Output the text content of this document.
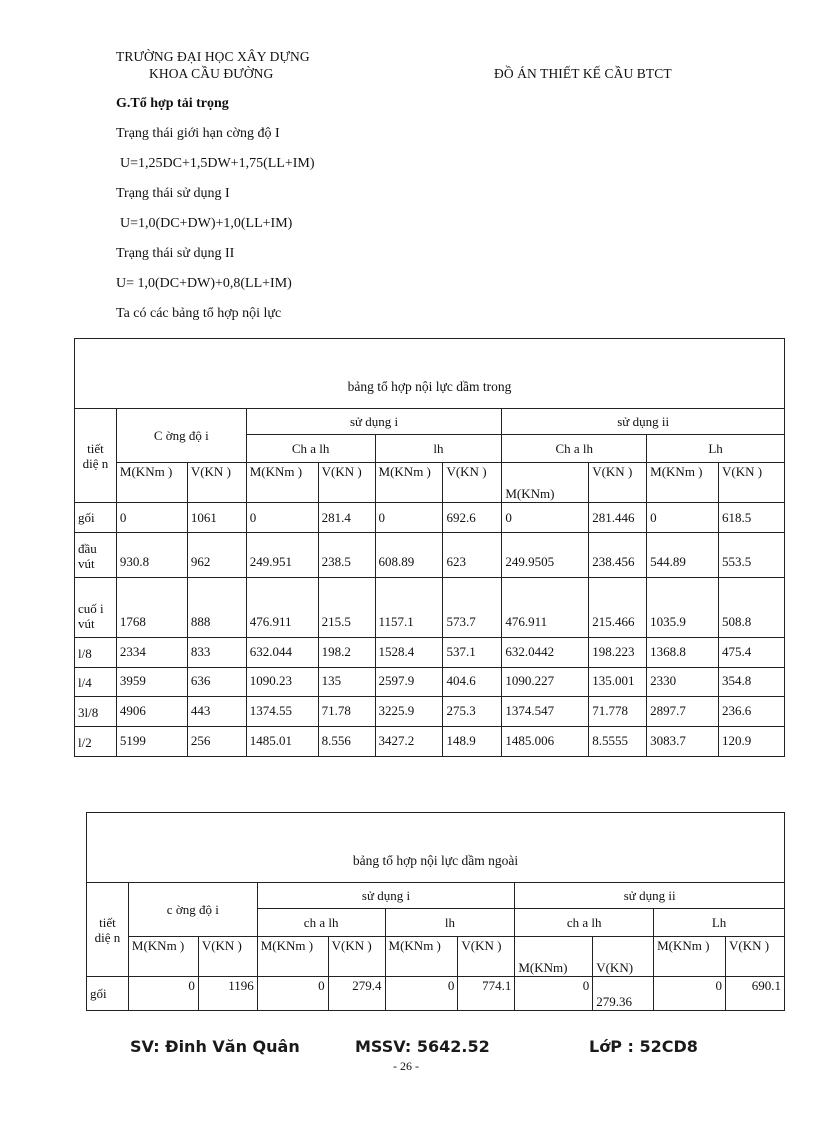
TRƯỜNG ĐẠI HỌC XÂY DỰNG
KHOA CẦU ĐƯỜNG	ĐỒ ÁN THIẾT KẾ CẦU BTCT
G.Tổ hợp tải trọng
Trạng thái giới hạn cờng độ I
U=1,25DC+1,5DW+1,75(LL+IM)
Trạng thái sử dụng I
U=1,0(DC+DW)+1,0(LL+IM)
Trạng thái sử dụng II
U= 1,0(DC+DW)+0,8(LL+IM)
Ta có các bảng tổ hợp nội lực
bảng tổ hợp nội lực dầm trong										
tiết diệ n	C ờng độ i		sử dụng i				sử dụng ii			
			Ch a lh		lh		Ch a lh		Lh	
	M(KNm )	V(KN )	M(KNm )	V(KN )	M(KNm )	V(KN )	M(KNm)	V(KN )	M(KNm )	V(KN )
gối	0	1061	0	281.4	0	692.6	0	281.446	0	618.5
đầu vút	930.8	962	249.951	238.5	608.89	623	249.9505	238.456	544.89	553.5
cuố i vút	1768	888	476.911	215.5	1157.1	573.7	476.911	215.466	1035.9	508.8
l/8	2334	833	632.044	198.2	1528.4	537.1	632.0442	198.223	1368.8	475.4
l/4	3959	636	1090.23	135	2597.9	404.6	1090.227	135.001	2330	354.8
3l/8	4906	443	1374.55	71.78	3225.9	275.3	1374.547	71.778	2897.7	236.6
l/2	5199	256	1485.01	8.556	3427.2	148.9	1485.006	8.5555	3083.7	120.9
bảng tổ hợp nội lực dầm ngoài										
tiết diệ n	c ờng độ i		sử dụng i				sử dụng ii			
			ch a lh		lh		ch a lh		Lh	
	M(KNm )	V(KN )	M(KNm )	V(KN )	M(KNm )	V(KN )	M(KNm)	V(KN)	M(KNm )	V(KN )
gối	0	1196	0	279.4	0	774.1	0	279.36	0	690.1
SV: Đinh Văn Quân	MSSV: 5642.52	LớP : 52CD8
- 26 -
